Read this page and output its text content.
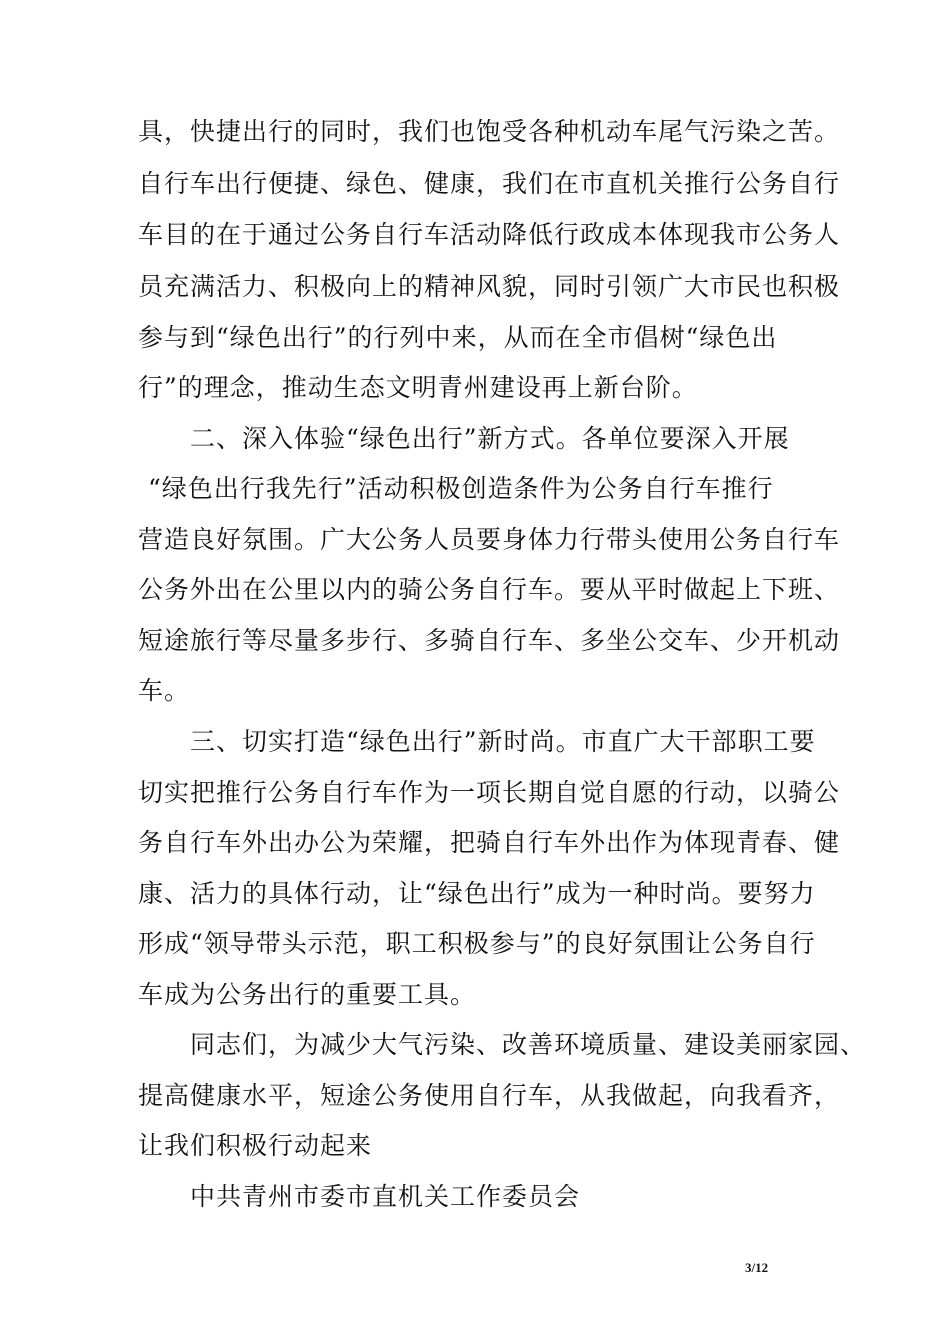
具，快捷出行的同时，我们也饱受各种机动车尾气污染之苦。
自行车出行便捷、绿色、健康，我们在市直机关推行公务自行
车目的在于通过公务自行车活动降低行政成本体现我市公务人
员充满活力、积极向上的精神风貌，同时引领广大市民也积极
参与到“绿色出行”的行列中来，从而在全市倡树“绿色出
行”的理念，推动生态文明青州建设再上新台阶。
二、深入体验“绿色出行”新方式。各单位要深入开展
“绿色出行我先行”活动积极创造条件为公务自行车推行
营造良好氛围。广大公务人员要身体力行带头使用公务自行车
公务外出在公里以内的骑公务自行车。要从平时做起上下班、
短途旅行等尽量多步行、多骑自行车、多坐公交车、少开机动
车。
三、切实打造“绿色出行”新时尚。市直广大干部职工要
切实把推行公务自行车作为一项长期自觉自愿的行动，以骑公
务自行车外出办公为荣耀，把骑自行车外出作为体现青春、健
康、活力的具体行动，让“绿色出行”成为一种时尚。要努力
形成“领导带头示范，职工积极参与”的良好氛围让公务自行
车成为公务出行的重要工具。
同志们，为减少大气污染、改善环境质量、建设美丽家园、
提高健康水平，短途公务使用自行车，从我做起，向我看齐，
让我们积极行动起来
中共青州市委市直机关工作委员会
3/12
